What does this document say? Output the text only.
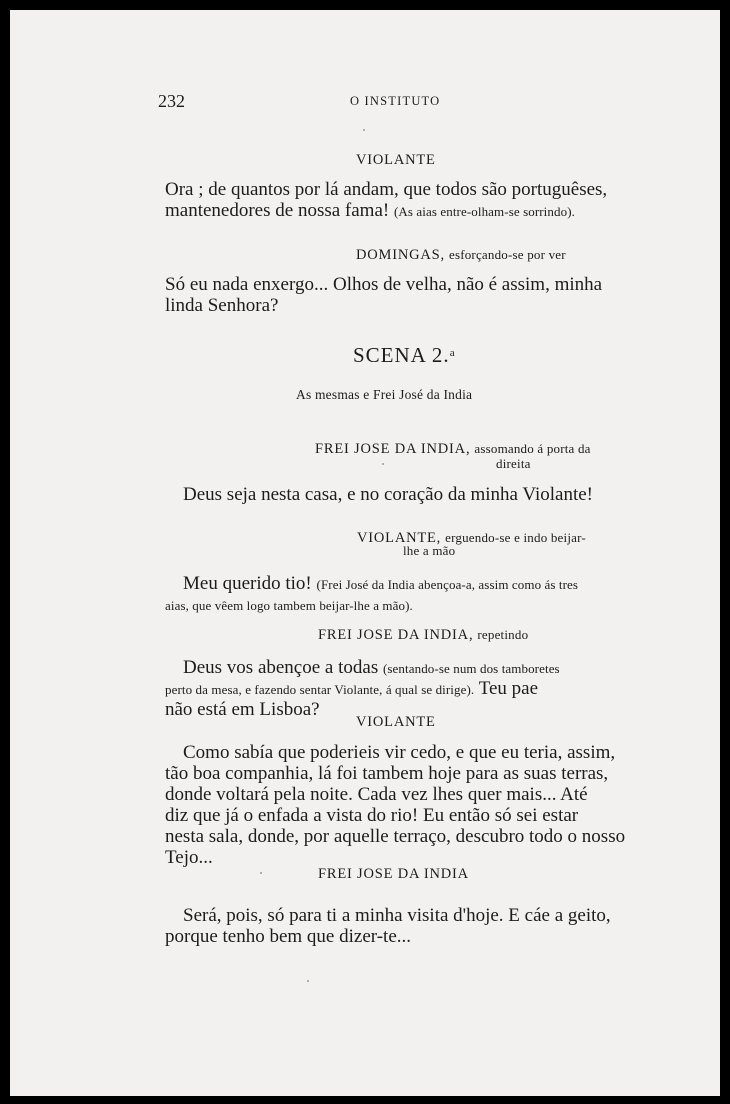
232	O INSTITUTO
VIOLANTE
Ora ; de quantos por lá andam, que todos são portuguêses,
mantenedores de nossa fama! (As aias entre-olham-se sorrindo).
DOMINGAS, esforçando-se por ver
Só eu nada enxergo... Olhos de velha, não é assim, minha
linda Senhora?
SCENA 2.$^a$
As mesmas e Frei José da India
FREI JOSE DA INDIA, assomando á porta da
direita
Deus seja nesta casa, e no coração da minha Violante!
VIOLANTE, erguendo-se e indo beijar-
lhe a mão
Meu querido tio! (Frei José da India abençoa-a, assim como ás tres
aias, que vêem logo tambem beijar-lhe a mão).
FREI JOSE DA INDIA, repetindo
Deus vos abençoe a todas (sentando-se num dos tamboretes
perto da mesa, e fazendo sentar Violante, á qual se dirige). Teu pae
não está em Lisboa?
VIOLANTE
Como sabía que poderieis vir cedo, e que eu teria, assim,
tão boa companhia, lá foi tambem hoje para as suas terras,
donde voltará pela noite. Cada vez lhes quer mais... Até
diz que já o enfada a vista do rio! Eu então só sei estar
nesta sala, donde, por aquelle terraço, descubro todo o nosso
Tejo...
FREI JOSE DA INDIA
Será, pois, só para ti a minha visita d'hoje. E cáe a geito,
porque tenho bem que dizer-te...
